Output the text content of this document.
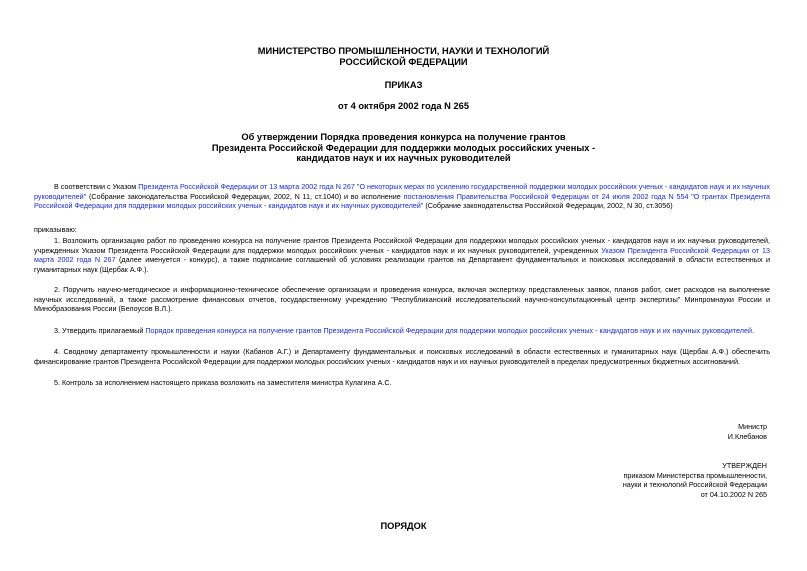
МИНИСТЕРСТВО ПРОМЫШЛЕННОСТИ, НАУКИ И ТЕХНОЛОГИЙ
РОССИЙСКОЙ ФЕДЕРАЦИИ
ПРИКАЗ
от 4 октября 2002 года N 265
Об утверждении Порядка проведения конкурса на получение грантов
Президента Российской Федерации для поддержки молодых российских ученых -
кандидатов наук и их научных руководителей

В соответствии с Указом Президента Российской Федерации от 13 марта 2002 года N 267 "О некоторых мерах по усилению государственной поддержки молодых российских ученых - кандидатов наук и их научных руководителей" (Собрание законодательства Российской Федерации, 2002, N 11, ст.1040) и во исполнение постановления Правительства Российской Федерации от 24 июля 2002 года N 554 "О грантах Президента Российской Федерации для поддержки молодых российских ученых - кандидатов наук и их научных руководителей" (Собрание законодательства Российской Федерации, 2002, N 30, ст.3056)

приказываю:

1. Возложить организацию работ по проведению конкурса на получение грантов Президента Российской Федерации для поддержки молодых российских ученых - кандидатов наук и их научных руководителей, учрежденных Указом Президента Российской Федерации для поддержки молодых российских ученых - кандидатов наук и их научных руководителей, учрежденных Указом Президента Российской Федерации от 13 марта 2002 года N 267 (далее именуется - конкурс), а также подписание соглашений об условиях реализации грантов на Департамент фундаментальных и поисковых исследований в области естественных и гуманитарных наук (Щербак А.Ф.).

2. Поручить научно-методическое и информационно-техническое обеспечение организации и проведения конкурса, включая экспертизу представленных заявок, планов работ, смет расходов на выполнение научных исследований, а также рассмотрение финансовых отчетов, государственному учреждению "Республиканский исследовательский научно-консультационный центр экспертизы" Минпромнауки России и Минобразования России (Белоусов В.Л.).

3. Утвердить прилагаемый Порядок проведения конкурса на получение грантов Президента Российской Федерации для поддержки молодых российских ученых - кандидатов наук и их научных руководителей.

4. Сводному департаменту промышленности и науки (Кабанов А.Г.) и Департаменту фундаментальных и поисковых исследований в области естественных и гуманитарных наук (Щербак А.Ф.) обеспечить финансирование грантов Президента Российской Федерации для поддержки молодых российских ученых - кандидатов наук и их научных руководителей в пределах предусмотренных бюджетных ассигнований.

5. Контроль за исполнением настоящего приказа возложить на заместителя министра Кулагина А.С.

Министр
И.Клебанов
УТВЕРЖДЕН
приказом Министерства промышленности,
науки и технологий Российской Федерации
от 04.10.2002 N 265
ПОРЯДОК
